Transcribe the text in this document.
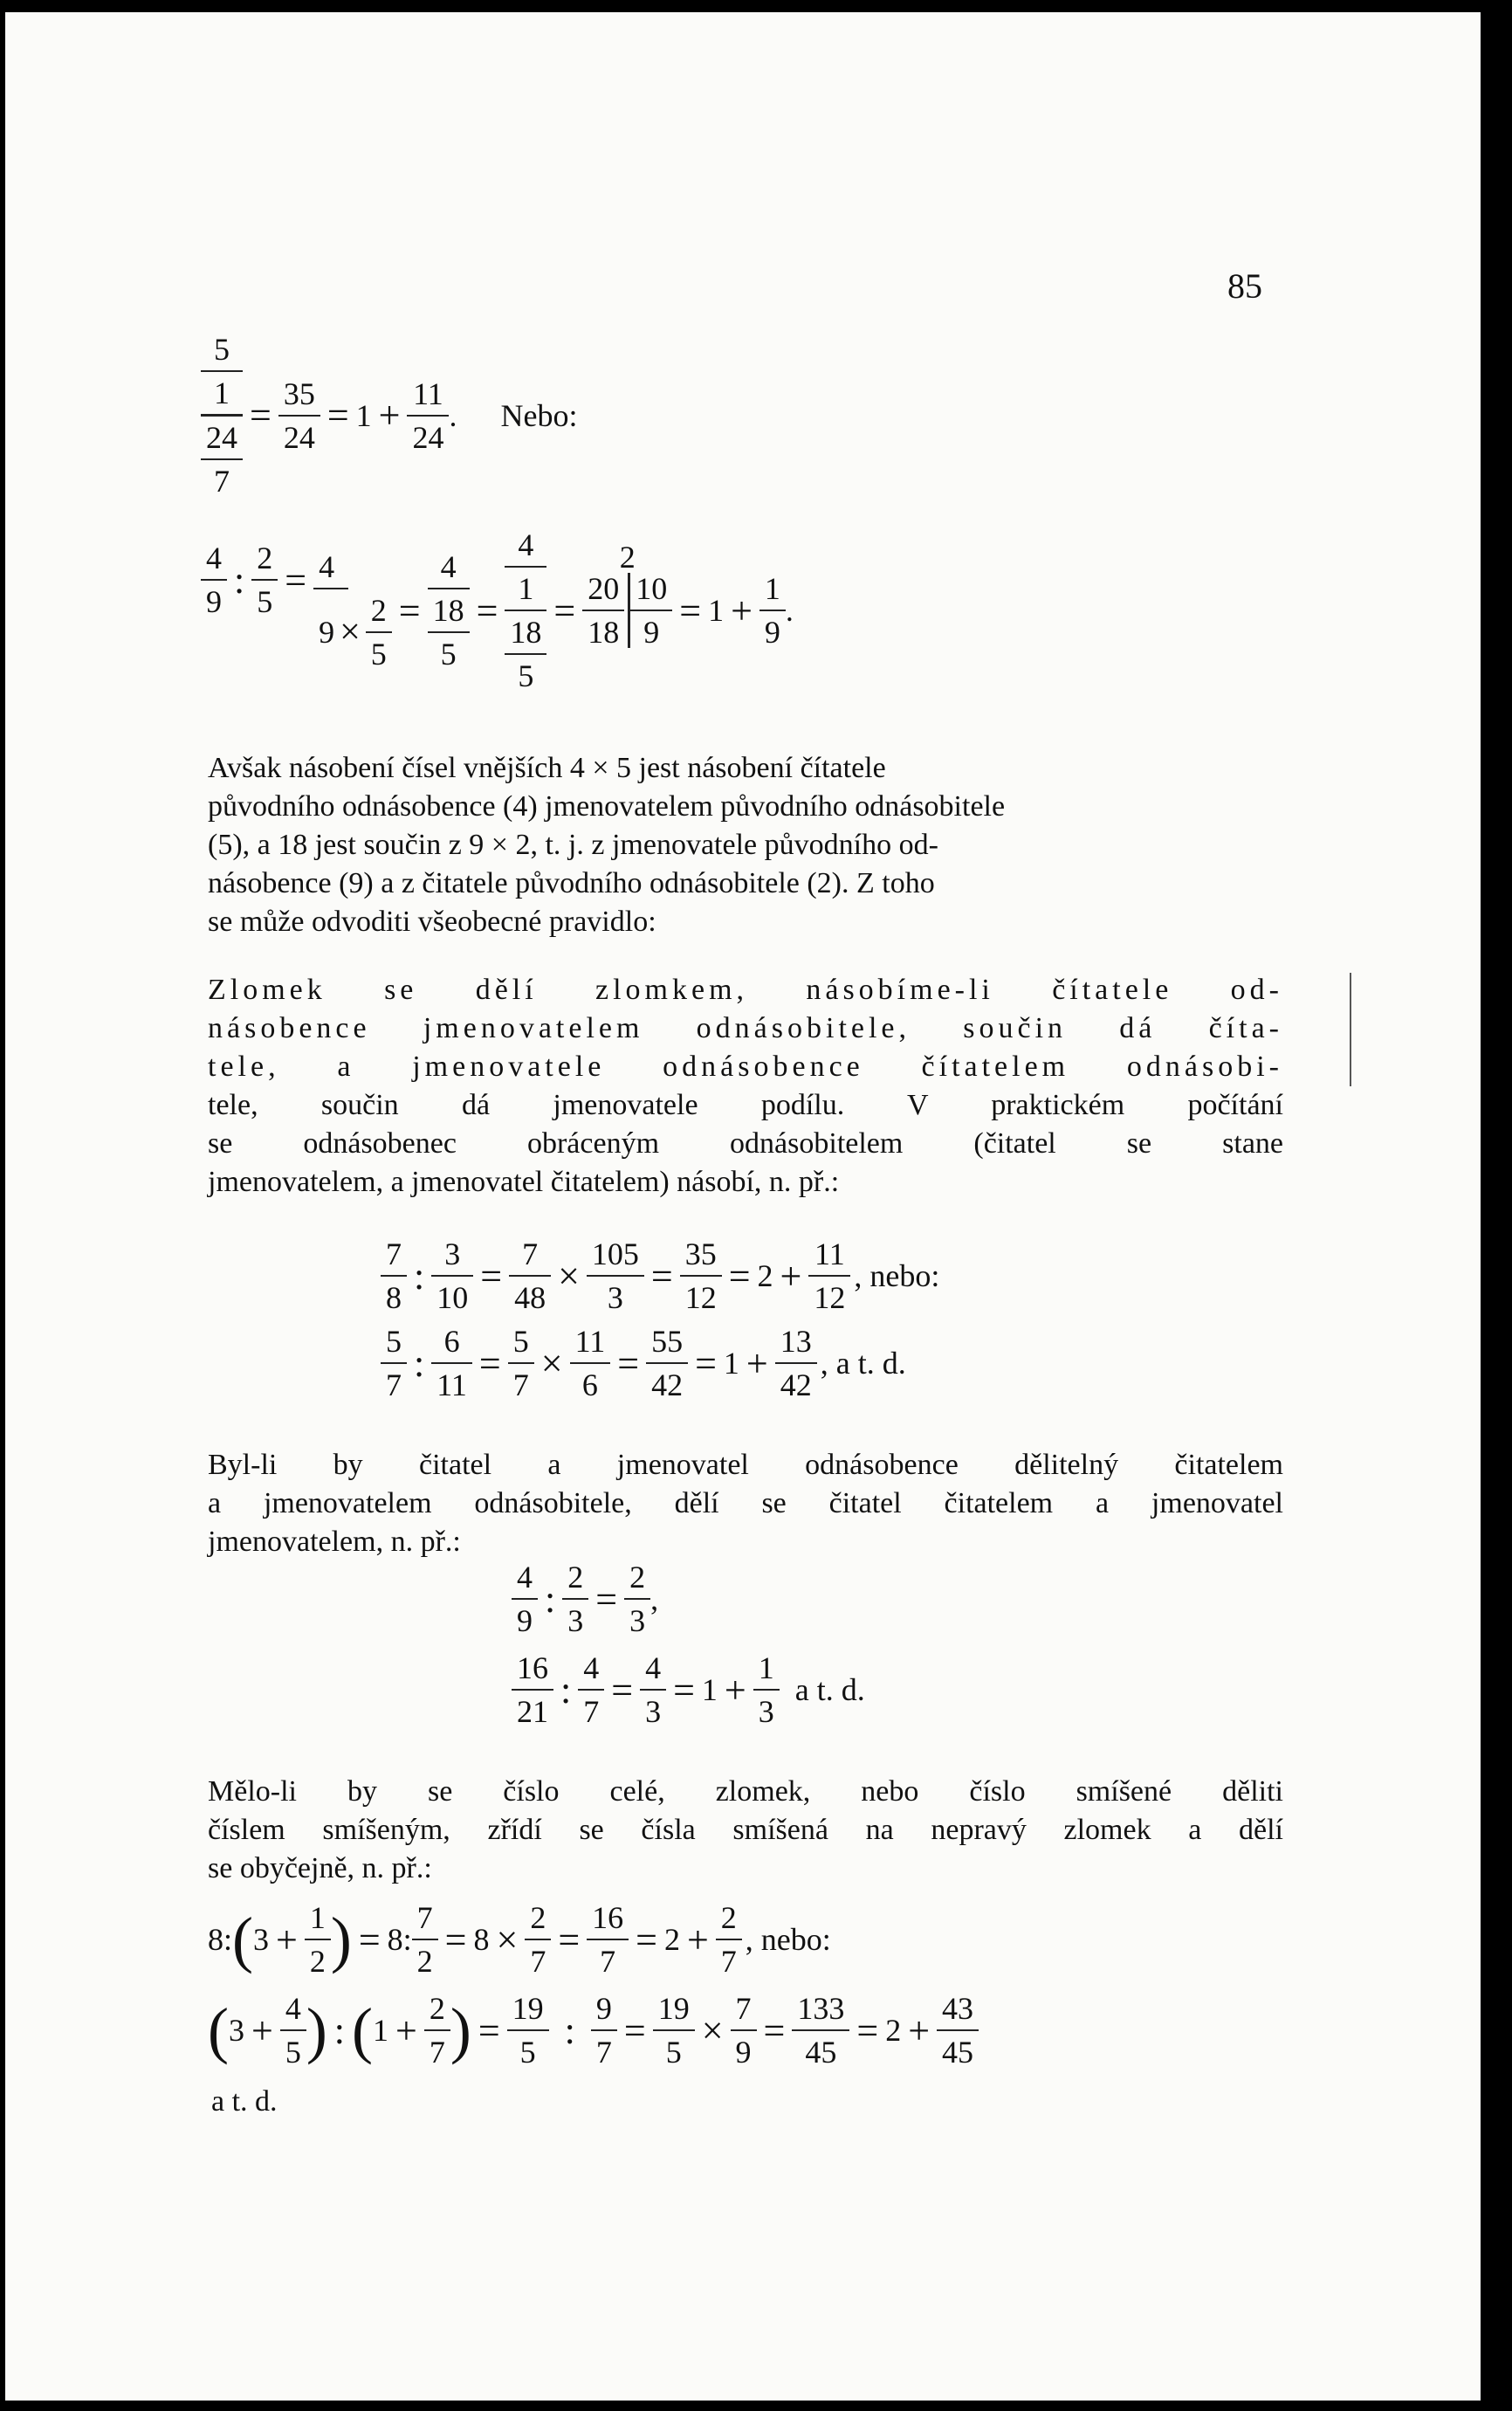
85
5
1
24
7
= $\frac{35}{24} = 1 + \frac{11}{24}$ . Nebo:
$\frac{4}{9}$ : $\frac{2}{5} = \frac{4}{9 \times \frac{2}{5}}$ =
4
18
5
=
4
1
18
5
=
2
$\frac{20}{18} \frac{10}{9} = 1 + \frac{1}{9}$ .
Avšak násobení čísel vnějších 4 × 5 jest násobení čítatele
původního odnásobence (4) jmenovatelem původního odnásobitele
(5), a 18 jest součin z 9 × 2, t. j. z jmenovatele původního od-
násobence (9) a z čitatele původního odnásobitele (2). Z toho
se může odvoditi všeobecné pravidlo:
Zlomek se dělí zlomkem, násobíme-li čítatele od-
násobence jmenovatelem odnásobitele, součin dá číta-
tele, a jmenovatele odnásobence čítatelem odnásobi-
tele, součin dá jmenovatele podílu. V praktickém počítání
se odnásobenec obráceným odnásobitelem (čitatel se stane
jmenovatelem, a jmenovatel čitatelem) násobí, n. př.:
$\frac{7}{8}$ : $\frac{3}{10} = \frac{7}{48} \times \frac{105}{3} = \frac{35}{12} = 2 + \frac{11}{12}$ , nebo:
$\frac{5}{7}$ : $\frac{6}{11} = \frac{5}{7} \times \frac{11}{6} = \frac{55}{42} = 1 + \frac{13}{42}$ , a t. d.
Byl-li by čitatel a jmenovatel odnásobence dělitelný čitatelem
a jmenovatelem odnásobitele, dělí se čitatel čitatelem a jmenovatel
jmenovatelem, n. př.:
$\frac{4}{9}$ : $\frac{2}{3} = \frac{2}{3}$ ,
$\frac{16}{21}$ : $\frac{4}{7} = \frac{4}{3} = 1 + \frac{1}{3}$ a t. d.
Mělo-li by se číslo celé, zlomek, nebo číslo smíšené děliti
číslem smíšeným, zřídí se čísla smíšená na nepravý zlomek a dělí
se obyčejně, n. př.:
8: ( $3 + \frac{1}{2}$ ) = 8: $\frac{7}{2} = 8 \times \frac{2}{7} = \frac{16}{7} = 2 + \frac{2}{7}$ , nebo:
( $3 + \frac{4}{5}$ ) : ( $1 + \frac{2}{7}$ ) = $\frac{19}{5}$ : $\frac{9}{7} = \frac{19}{5} \times \frac{7}{9} = \frac{133}{45} = 2 + \frac{43}{45}$
a t. d.
